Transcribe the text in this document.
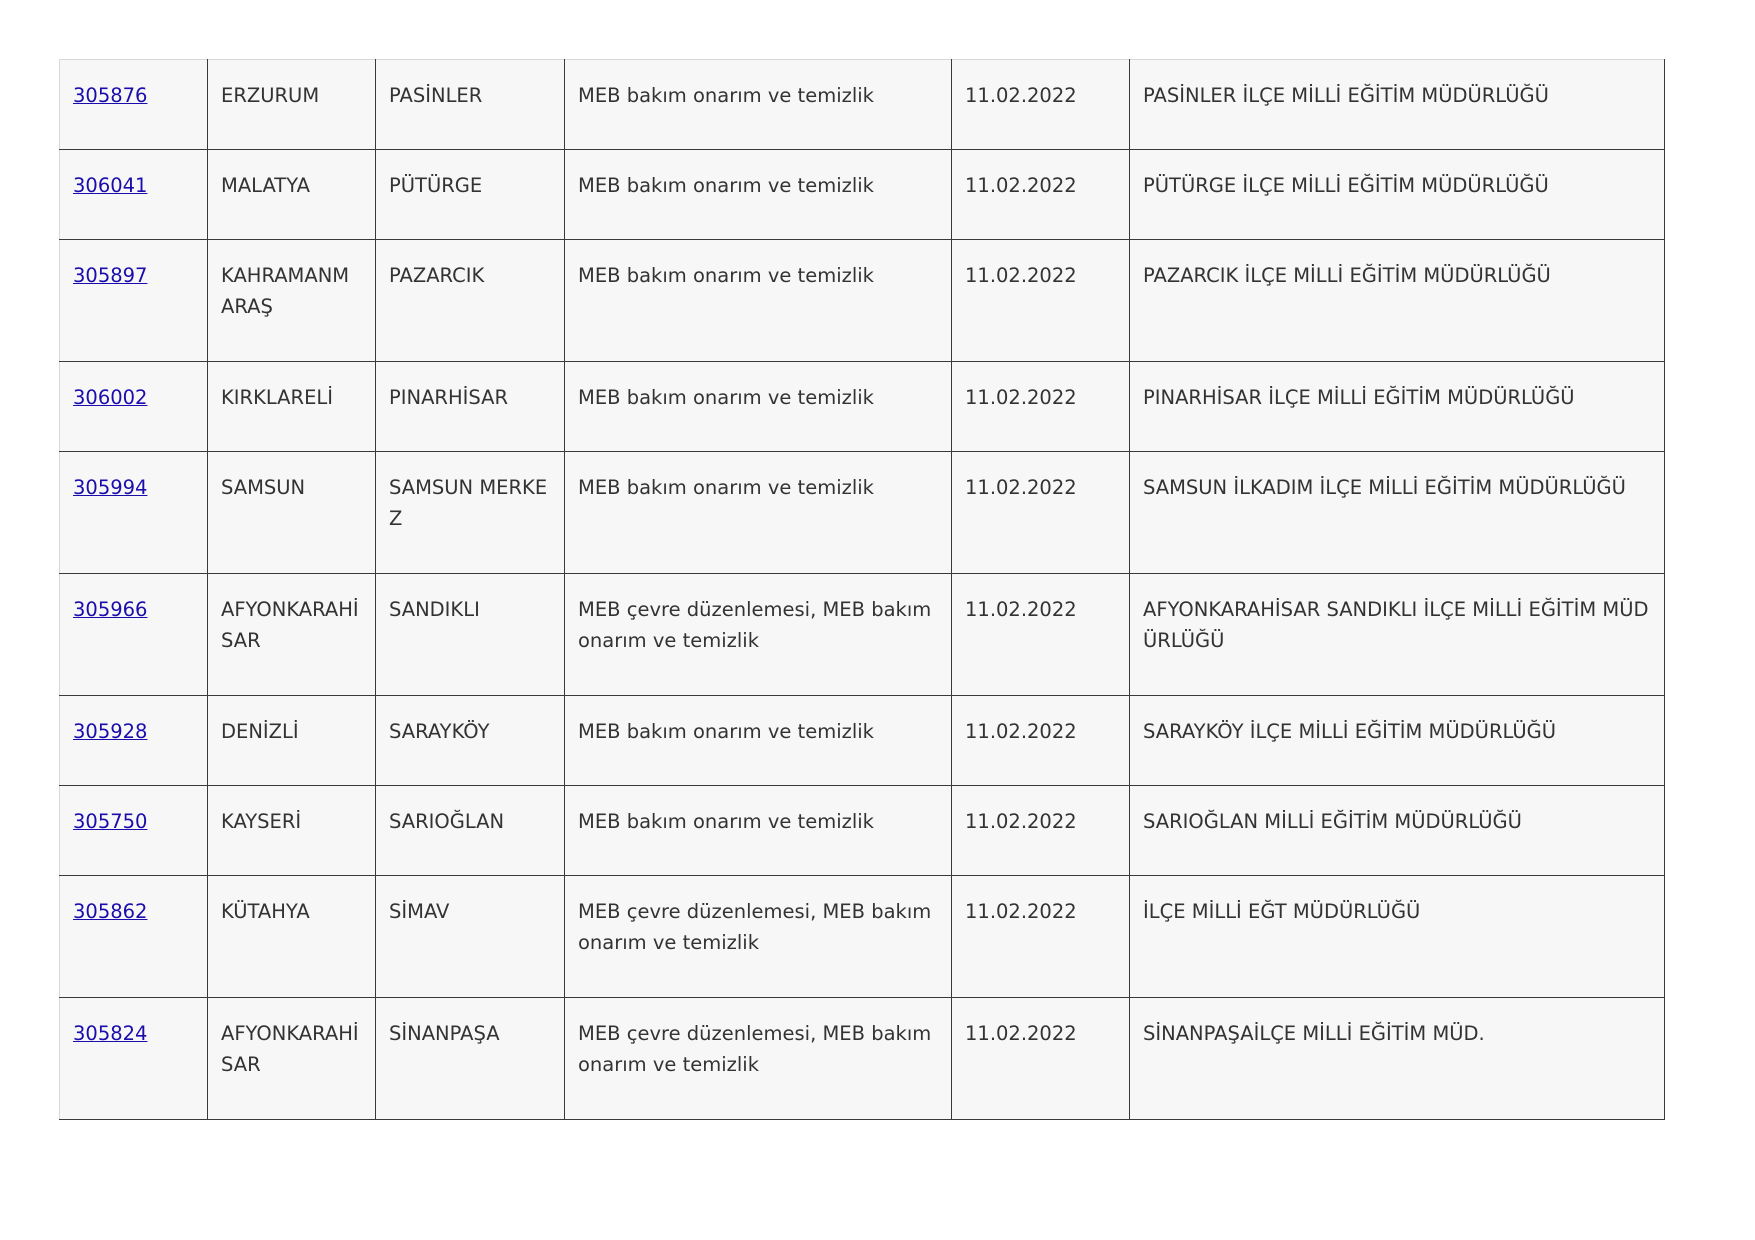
305876	ERZURUM	PASİNLER	MEB bakım onarım ve temizlik	11.02.2022	PASİNLER İLÇE MİLLİ EĞİTİM MÜDÜRLÜĞÜ
306041	MALATYA	PÜTÜRGE	MEB bakım onarım ve temizlik	11.02.2022	PÜTÜRGE İLÇE MİLLİ EĞİTİM MÜDÜRLÜĞÜ
305897	KAHRAMANMARAŞ	PAZARCIK	MEB bakım onarım ve temizlik	11.02.2022	PAZARCIK İLÇE MİLLİ EĞİTİM MÜDÜRLÜĞÜ
306002	KIRKLARELİ	PINARHİSAR	MEB bakım onarım ve temizlik	11.02.2022	PINARHİSAR İLÇE MİLLİ EĞİTİM MÜDÜRLÜĞÜ
305994	SAMSUN	SAMSUN MERKEZ	MEB bakım onarım ve temizlik	11.02.2022	SAMSUN İLKADIM İLÇE MİLLİ EĞİTİM MÜDÜRLÜĞÜ
305966	AFYONKARAHİSAR	SANDIKLI	MEB çevre düzenlemesi, MEB bakım onarım ve temizlik	11.02.2022	AFYONKARAHİSAR SANDIKLI İLÇE MİLLİ EĞİTİM MÜDÜRLÜĞÜ
305928	DENİZLİ	SARAYKÖY	MEB bakım onarım ve temizlik	11.02.2022	SARAYKÖY İLÇE MİLLİ EĞİTİM MÜDÜRLÜĞÜ
305750	KAYSERİ	SARIOĞLAN	MEB bakım onarım ve temizlik	11.02.2022	SARIOĞLAN MİLLİ EĞİTİM MÜDÜRLÜĞÜ
305862	KÜTAHYA	SİMAV	MEB çevre düzenlemesi, MEB bakım onarım ve temizlik	11.02.2022	İLÇE MİLLİ EĞT MÜDÜRLÜĞÜ
305824	AFYONKARAHİSAR	SİNANPAŞA	MEB çevre düzenlemesi, MEB bakım onarım ve temizlik	11.02.2022	SİNANPAŞAİLÇE MİLLİ EĞİTİM MÜD.
